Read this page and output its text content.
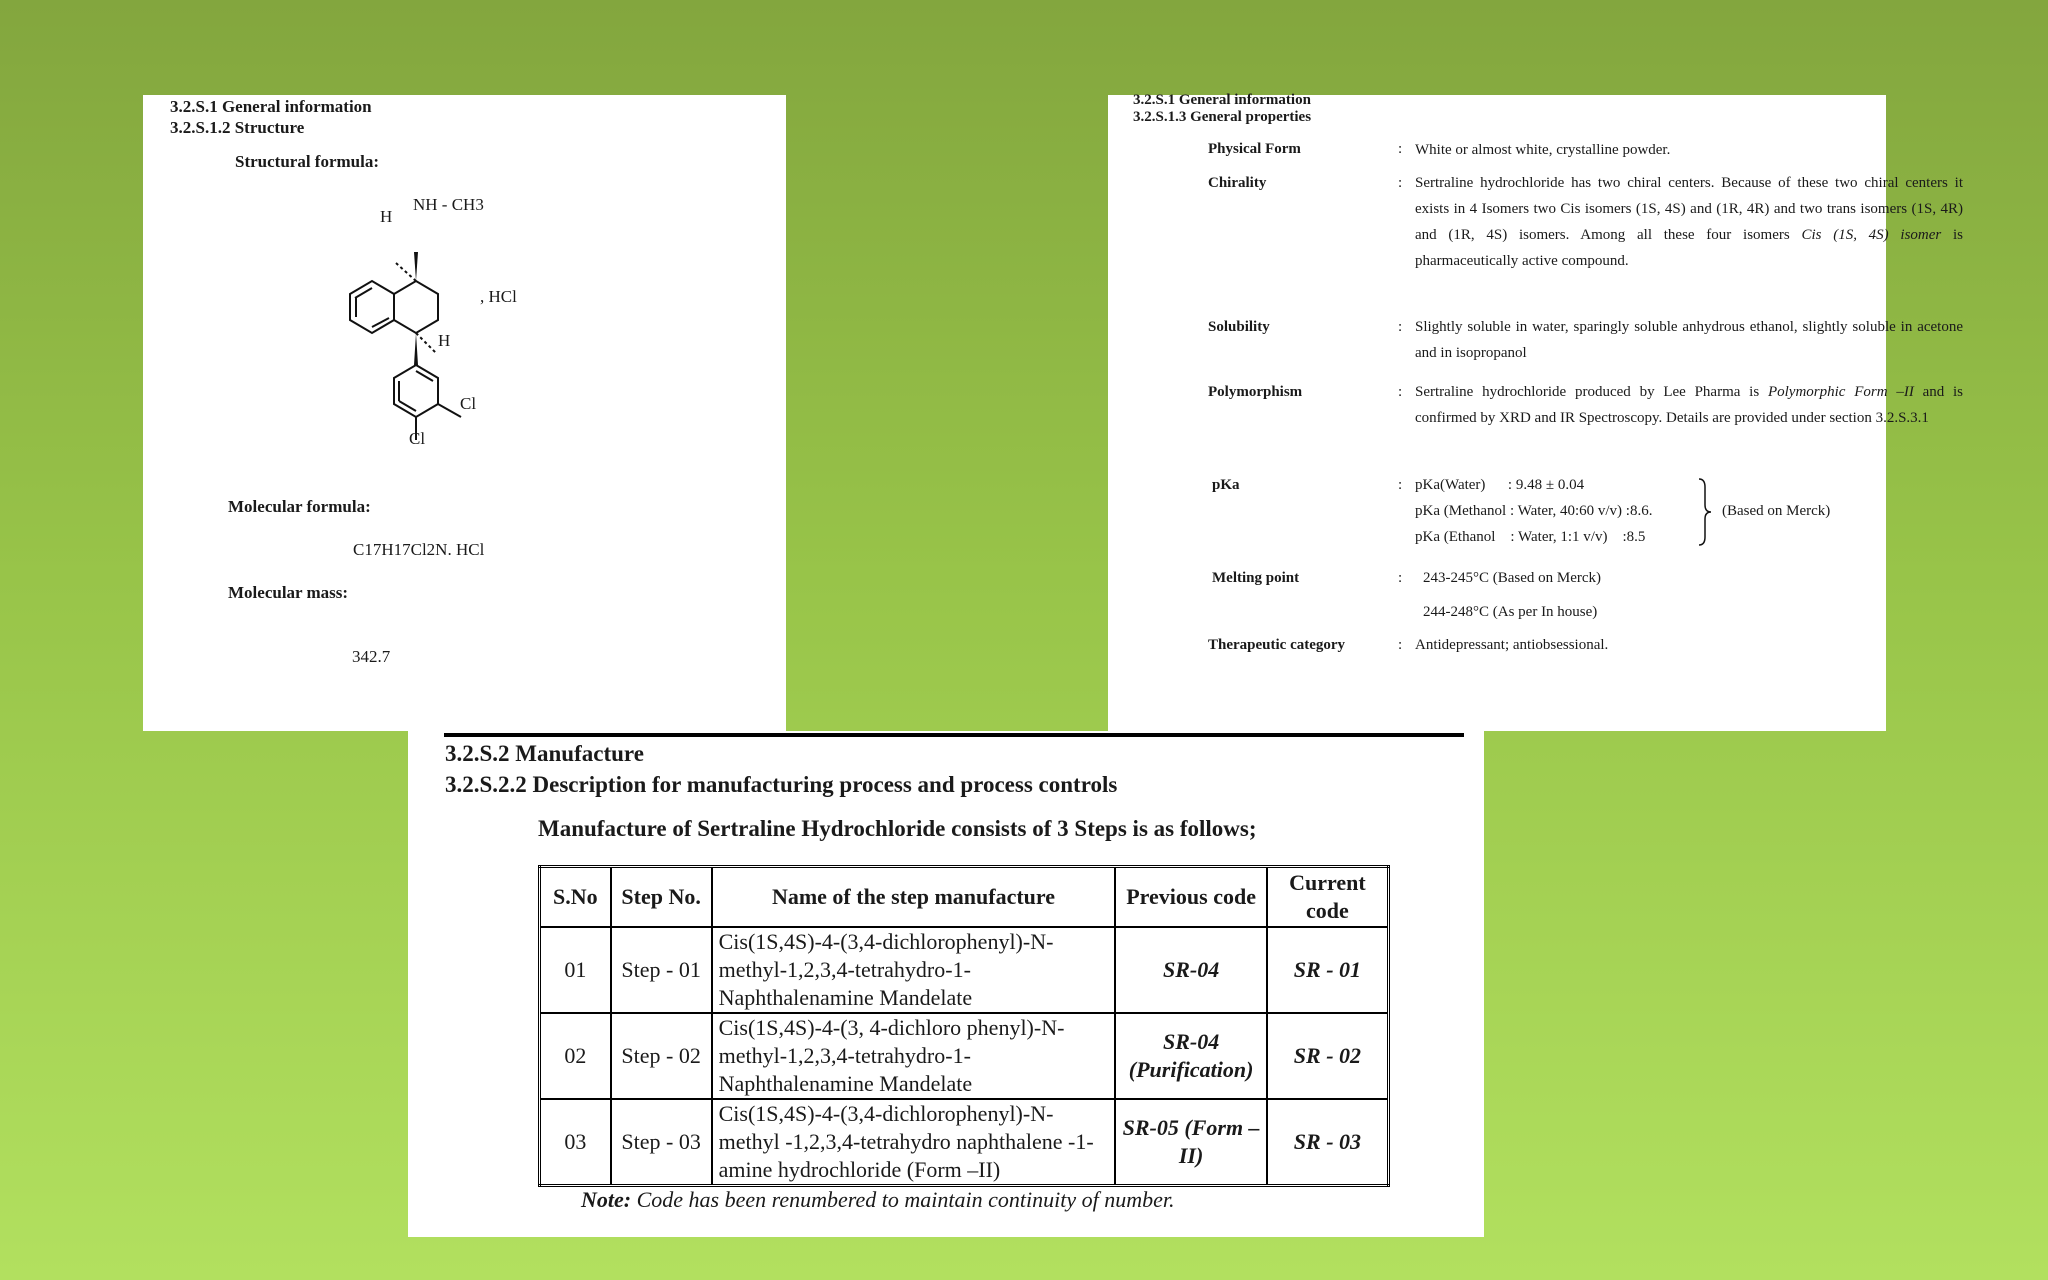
3.2.S.1 General information
3.2.S.1.2 Structure
Structural formula:
NH - CH3
H
H
, HCl
Cl
Cl
Molecular formula:
C17H17Cl2N. HCl
Molecular mass:
342.7
3.2.S.1 General information
3.2.S.1.3 General properties
Physical Form	: White or almost white, crystalline powder.
Chirality	: Sertraline hydrochloride has two chiral centers. Because of these two chiral centers it exists in 4 Isomers two Cis isomers (1S, 4S) and (1R, 4R) and two trans isomers (1S, 4R) and (1R, 4S) isomers. Among all these four isomers Cis (1S, 4S) isomer is pharmaceutically active compound.
Solubility	: Slightly soluble in water, sparingly soluble anhydrous ethanol, slightly soluble in acetone and in isopropanol
Polymorphism	: Sertraline hydrochloride produced by Lee Pharma is Polymorphic Form –II and is confirmed by XRD and IR Spectroscopy. Details are provided under section 3.2.S.3.1
pKa	: pKa(Water)      : 9.48 ± 0.04
pKa (Methanol : Water, 40:60 v/v) :8.6.
pKa (Ethanol    : Water, 1:1 v/v)    :8.5
(Based on Merck)
Melting point	: 243-245°C (Based on Merck)
244-248°C (As per In house)
Therapeutic category	: Antidepressant; antiobsessional.
3.2.S.2 Manufacture
3.2.S.2.2 Description for manufacturing process and process controls
Manufacture of Sertraline Hydrochloride consists of 3 Steps is as follows;
S.No	Step No.	Name of the step manufacture	Previous code	Current code
01	Step - 01	Cis(1S,4S)-4-(3,4-dichlorophenyl)-N-methyl-1,2,3,4-tetrahydro-1-Naphthalenamine Mandelate	SR-04	SR - 01
02	Step - 02	Cis(1S,4S)-4-(3, 4-dichloro phenyl)-N-methyl-1,2,3,4-tetrahydro-1-Naphthalenamine Mandelate	SR-04 (Purification)	SR - 02
03	Step - 03	Cis(1S,4S)-4-(3,4-dichlorophenyl)-N-methyl -1,2,3,4-tetrahydro naphthalene -1-amine hydrochloride (Form –II)	SR-05 (Form –II)	SR - 03
Note: Code has been renumbered to maintain continuity of number.
